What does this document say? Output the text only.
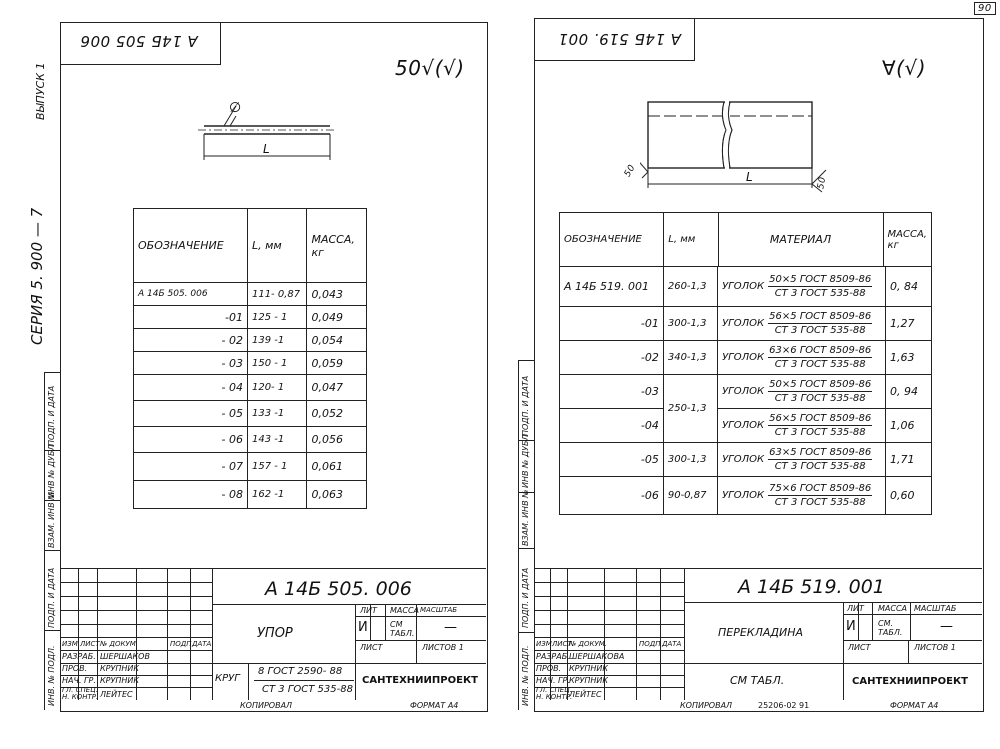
90
ВЫПУСК 1
СЕРИЯ 5. 900 — 7
ПОДП. И ДАТА
ИНВ № ДУБЛ
ВЗАМ. ИНВ №
ПОДП. И ДАТА
ИНВ. № ПОДЛ.
А 14Б 505 006
50√(√)
∅
L
ОБОЗНАЧЕНИЕ	L, мм	МАССА, кг
А 14Б 505. 006	111- 0,87	0,043
-01	125 - 1	0,049
- 02	139 -1	0,054
- 03	150 - 1	0,059
- 04	120- 1	0,047
- 05	133 -1	0,052
- 06	143 -1	0,056
- 07	157 - 1	0,061
- 08	162 -1	0,063
А 14Б 505. 006
УПОР
ЛИТ МАССА МАСШТАБ
И	СМ ТАБЛ. —
ЛИСТ	ЛИСТОВ 1
КРУГ
8 ГОСТ 2590- 88
СТ 3 ГОСТ 535-88
САНТЕХНИИПРОЕКТ
ИЗМ ЛИСТ № ДОКУМ	ПОДП ДАТА
РАЗРАБ. ШЕРШАКОВ
ПРОВ. КРУПНИК
НАЧ. ГР. КРУПНИК
ГЛ. СПЕЦ.
Н. КОНТР. ЛЕЙТЕС
КОПИРОВАЛ	ФОРМАТ А4
ПОДП. И ДАТА
ИНВ № ДУБЛ
ВЗАМ. ИНВ №
ПОДП. И ДАТА
ИНВ. № ПОДЛ.
А 14Б 519. 001
∀(√)
L
50
50
ОБОЗНАЧЕНИЕ	L, мм	МАТЕРИАЛ	МАССА, кг
А 14Б 519. 001	260-1,3	УГОЛОК $\frac{\text{50×5 ГОСТ 8509-86}}{\text{СТ 3 ГОСТ 535-88}}$	0, 84
-01	300-1,3	УГОЛОК $\frac{\text{56×5 ГОСТ 8509-86}}{\text{СТ 3 ГОСТ 535-88}}$	1,27
-02	340-1,3	УГОЛОК $\frac{\text{63×6 ГОСТ 8509-86}}{\text{СТ 3 ГОСТ 535-88}}$	1,63
-03	250-1,3	УГОЛОК $\frac{\text{50×5 ГОСТ 8509-86}}{\text{СТ 3 ГОСТ 535-88}}$	0, 94
-04		УГОЛОК $\frac{\text{56×5 ГОСТ 8509-86}}{\text{СТ 3 ГОСТ 535-88}}$	1,06
-05	300-1,3	УГОЛОК $\frac{\text{63×5 ГОСТ 8509-86}}{\text{СТ 3 ГОСТ 535-88}}$	1,71
-06	90-0,87	УГОЛОК $\frac{\text{75×6 ГОСТ 8509-86}}{\text{СТ 3 ГОСТ 535-88}}$	0,60
А 14Б 519. 001
ПЕРЕКЛАДИНА
СМ ТАБЛ.
ЛИТ МАССА МАСШТАБ
И	СМ. ТАБЛ.	—
ЛИСТ	ЛИСТОВ 1
САНТЕХНИИПРОЕКТ
ИЗМ ЛИСТ
№ ДОКУМ.	ПОДП ДАТА
РАЗРАБ. ШЕРШАКОВА
ПРОВ. КРУПНИК
НАЧ. ГР. КРУПНИК
ГЛ. СПЕЦ.
Н. КОНТР.
ЛЕЙТЕС
КОПИРОВАЛ	25206-02 91	ФОРМАТ А4
